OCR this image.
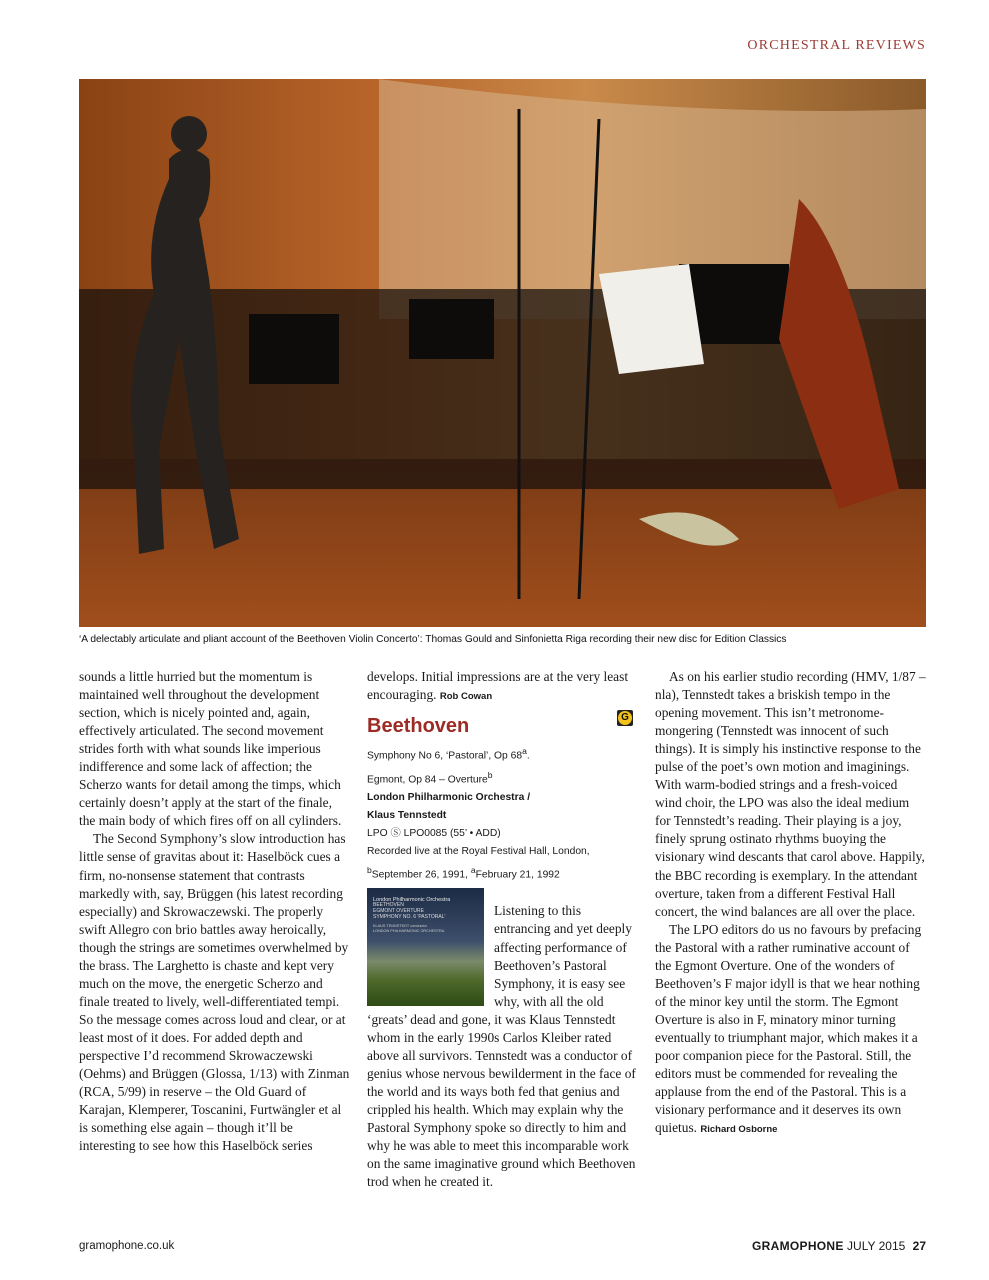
ORCHESTRAL REVIEWS
‘A delectably articulate and pliant account of the Beethoven Violin Concerto’: Thomas Gould and Sinfonietta Riga recording their new disc for Edition Classics

sounds a little hurried but the momentum is maintained well throughout the development section, which is nicely pointed and, again, effectively articulated. The second movement strides forth with what sounds like imperious indifference and some lack of affection; the Scherzo wants for detail among the timps, which certainly doesn’t apply at the start of the finale, the main body of which fires off on all cylinders.

The Second Symphony’s slow introduction has little sense of gravitas about it: Haselböck cues a firm, no-nonsense statement that contrasts markedly with, say, Brüggen (his latest recording especially) and Skrowaczewski. The properly swift Allegro con brio battles away heroically, though the strings are sometimes overwhelmed by the brass. The Larghetto is chaste and kept very much on the move, the energetic Scherzo and finale treated to lively, well-differentiated tempi. So the message comes across loud and clear, or at least most of it does. For added depth and perspective I’d recommend Skrowaczewski (Oehms) and Brüggen (Glossa, 1/13) with Zinman (RCA, 5/99) in reserve – the Old Guard of Karajan, Klemperer, Toscanini, Furtwängler et al is something else again – though it’ll be interesting to see how this Haselböck series

develops. Initial impressions are at the very least encouraging. Rob Cowan

Beethoven	G
Symphony No 6, ‘Pastoral’, Op 68$^a$.
Egmont, Op 84 – Overture$^b$
London Philharmonic Orchestra /
Klaus Tennstedt
LPO Ⓢ LPO0085 (55’ • ADD)
Recorded live at the Royal Festival Hall, London,
$^b$September 26, 1991, $^a$February 21, 1992

London Philharmonic Orchestra
BEETHOVEN
EGMONT OVERTURE
SYMPHONY NO. 6 'PASTORAL'
KLAUS TENNSTEDT conductor
LONDON PHILHARMONIC ORCHESTRA

Listening to this entrancing and yet deeply affecting performance of Beethoven’s Pastoral Symphony, it is easy see why, with all the old ‘greats’ dead and gone, it was Klaus Tennstedt whom in the early 1990s Carlos Kleiber rated above all survivors. Tennstedt was a conductor of genius whose nervous bewilderment in the face of the world and its ways both fed that genius and crippled his health. Which may explain why the Pastoral Symphony spoke so directly to him and why he was able to meet this incomparable work on the same imaginative ground which Beethoven trod when he created it.

As on his earlier studio recording (HMV, 1/87 – nla), Tennstedt takes a briskish tempo in the opening movement. This isn’t metronome-mongering (Tennstedt was innocent of such things). It is simply his instinctive response to the pulse of the poet’s own motion and imaginings. With warm-bodied strings and a fresh-voiced wind choir, the LPO was also the ideal medium for Tennstedt’s reading. Their playing is a joy, finely sprung ostinato rhythms buoying the visionary wind descants that carol above. Happily, the BBC recording is exemplary. In the attendant overture, taken from a different Festival Hall concert, the wind balances are all over the place.

The LPO editors do us no favours by prefacing the Pastoral with a rather ruminative account of the Egmont Overture. One of the wonders of Beethoven’s F major idyll is that we hear nothing of the minor key until the storm. The Egmont Overture is also in F, minatory minor turning eventually to triumphant major, which makes it a poor companion piece for the Pastoral. Still, the editors must be commended for revealing the applause from the end of the Pastoral. This is a visionary performance and it deserves its own quietus. Richard Osborne

gramophone.co.uk	GRAMOPHONE JULY 2015 27
